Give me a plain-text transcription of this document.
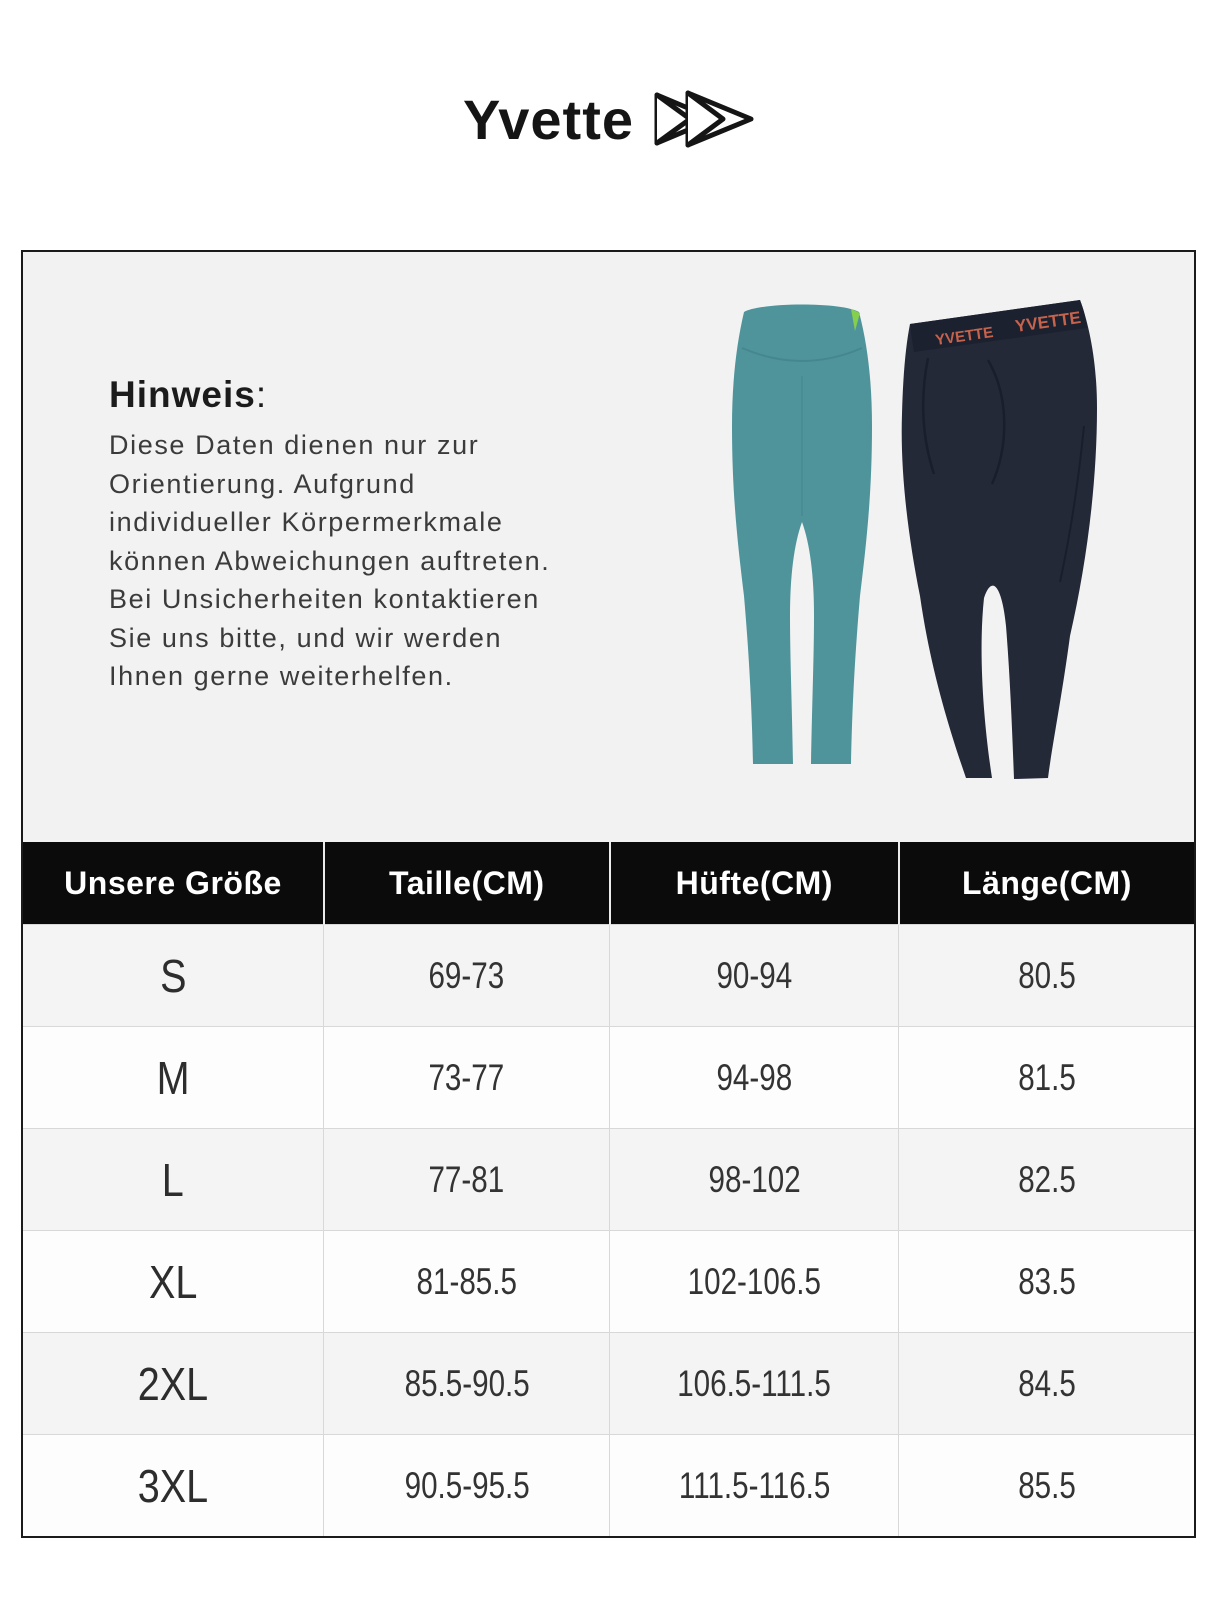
Yvette
Hinweis:
Diese Daten dienen nur zur
Orientierung. Aufgrund
individueller Körpermerkmale
können Abweichungen auftreten.
Bei Unsicherheiten kontaktieren
Sie uns bitte, und wir werden
Ihnen gerne weiterhelfen.
YVETTE
YVETTE
Unsere Größe	Taille(CM)	Hüfte(CM)	Länge(CM)
S	69-73	90-94	80.5
M	73-77	94-98	81.5
L	77-81	98-102	82.5
XL	81-85.5	102-106.5	83.5
2XL	85.5-90.5	106.5-111.5	84.5
3XL	90.5-95.5	111.5-116.5	85.5
